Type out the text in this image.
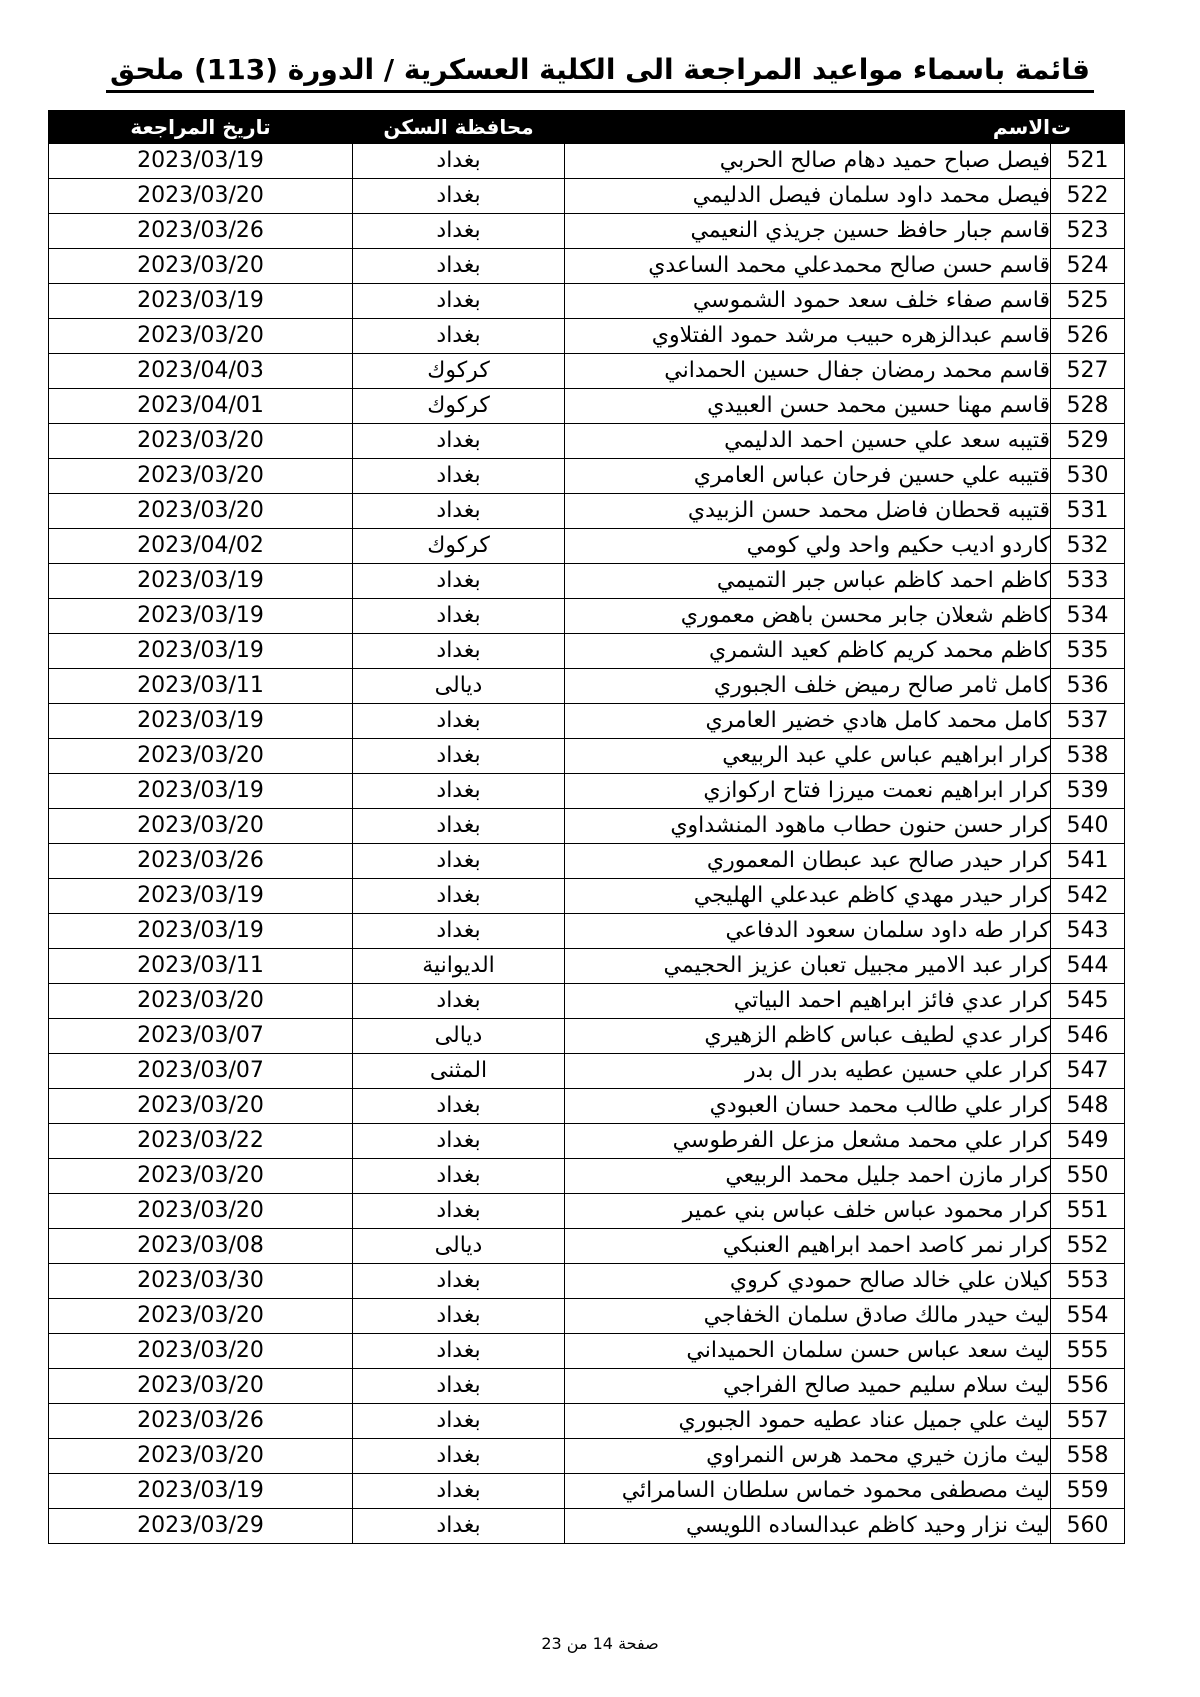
قائمة باسماء مواعيد المراجعة الى الكلية العسكرية / الدورة (113) ملحق
ت	الاسم	محافظة السكن	تاريخ المراجعة
521	فيصل صباح حميد دهام صالح الحربي	بغداد	2023/03/19
522	فيصل محمد داود سلمان فيصل الدليمي	بغداد	2023/03/20
523	قاسم جبار حافظ حسين جريذي النعيمي	بغداد	2023/03/26
524	قاسم حسن صالح محمدعلي محمد الساعدي	بغداد	2023/03/20
525	قاسم صفاء خلف سعد حمود الشموسي	بغداد	2023/03/19
526	قاسم عبدالزهره حبيب مرشد حمود الفتلاوي	بغداد	2023/03/20
527	قاسم محمد رمضان جفال حسين الحمداني	كركوك	2023/04/03
528	قاسم مهنا حسين محمد حسن العبيدي	كركوك	2023/04/01
529	قتيبه سعد علي حسين احمد الدليمي	بغداد	2023/03/20
530	قتيبه علي حسين فرحان عباس العامري	بغداد	2023/03/20
531	قتيبه قحطان فاضل محمد حسن الزبيدي	بغداد	2023/03/20
532	كاردو اديب حكيم واحد ولي كومي	كركوك	2023/04/02
533	كاظم احمد كاظم عباس جبر التميمي	بغداد	2023/03/19
534	كاظم شعلان جابر محسن باهض معموري	بغداد	2023/03/19
535	كاظم محمد كريم كاظم كعيد الشمري	بغداد	2023/03/19
536	كامل ثامر صالح رميض خلف الجبوري	ديالى	2023/03/11
537	كامل محمد كامل هادي خضير العامري	بغداد	2023/03/19
538	كرار ابراهيم عباس علي عبد الربيعي	بغداد	2023/03/20
539	كرار ابراهيم نعمت ميرزا فتاح اركوازي	بغداد	2023/03/19
540	كرار حسن حنون حطاب ماهود المنشداوي	بغداد	2023/03/20
541	كرار حيدر صالح عبد عبطان المعموري	بغداد	2023/03/26
542	كرار حيدر مهدي كاظم عبدعلي الهليجي	بغداد	2023/03/19
543	كرار طه داود سلمان سعود الدفاعي	بغداد	2023/03/19
544	كرار عبد الامير مجبيل تعبان عزيز الحجيمي	الديوانية	2023/03/11
545	كرار عدي فائز ابراهيم احمد البياتي	بغداد	2023/03/20
546	كرار عدي لطيف عباس كاظم الزهيري	ديالى	2023/03/07
547	كرار علي حسين عطيه بدر ال بدر	المثنى	2023/03/07
548	كرار علي طالب محمد حسان العبودي	بغداد	2023/03/20
549	كرار علي محمد مشعل مزعل الفرطوسي	بغداد	2023/03/22
550	كرار مازن احمد جليل محمد الربيعي	بغداد	2023/03/20
551	كرار محمود عباس خلف عباس بني عمير	بغداد	2023/03/20
552	كرار نمر كاصد احمد ابراهيم العنبكي	ديالى	2023/03/08
553	كيلان علي خالد صالح حمودي كروي	بغداد	2023/03/30
554	ليث حيدر مالك صادق سلمان الخفاجي	بغداد	2023/03/20
555	ليث سعد عباس حسن سلمان الحميداني	بغداد	2023/03/20
556	ليث سلام سليم حميد صالح الفراجي	بغداد	2023/03/20
557	ليث علي جميل عناد عطيه حمود الجبوري	بغداد	2023/03/26
558	ليث مازن خيري محمد هرس النمراوي	بغداد	2023/03/20
559	ليث مصطفى محمود خماس سلطان السامرائي	بغداد	2023/03/19
560	ليث نزار وحيد كاظم عبدالساده اللويسي	بغداد	2023/03/29
صفحة 14 من 23
